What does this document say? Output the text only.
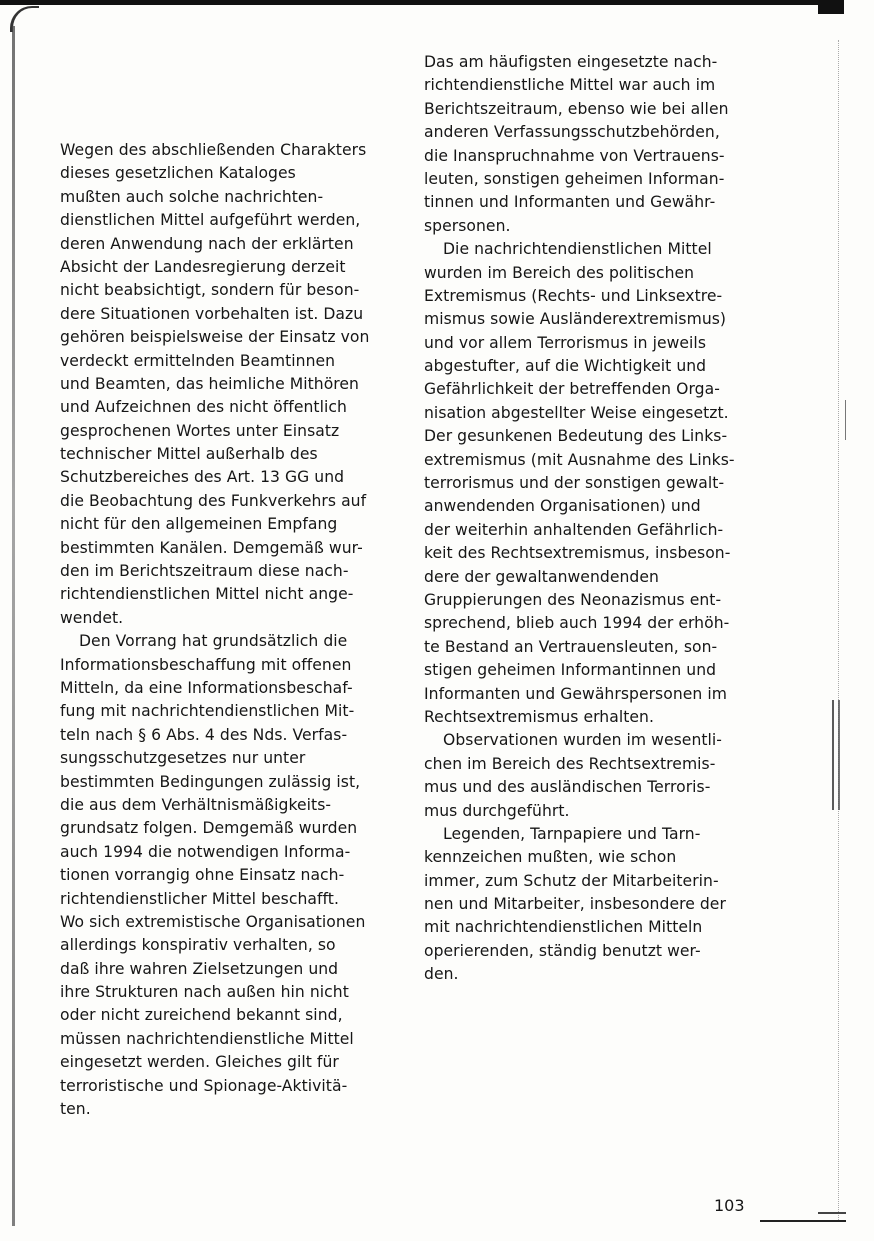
Wegen des abschließenden Charakters
dieses gesetzlichen Kataloges
mußten auch solche nachrichten-
dienstlichen Mittel aufgeführt werden,
deren Anwendung nach der erklärten
Absicht der Landesregierung derzeit
nicht beabsichtigt, sondern für beson-
dere Situationen vorbehalten ist. Dazu
gehören beispielsweise der Einsatz von
verdeckt ermittelnden Beamtinnen
und Beamten, das heimliche Mithören
und Aufzeichnen des nicht öffentlich
gesprochenen Wortes unter Einsatz
technischer Mittel außerhalb des
Schutzbereiches des Art. 13 GG und
die Beobachtung des Funkverkehrs auf
nicht für den allgemeinen Empfang
bestimmten Kanälen. Demgemäß wur-
den im Berichtszeitraum diese nach-
richtendienstlichen Mittel nicht ange-
wendet.
Den Vorrang hat grundsätzlich die
Informationsbeschaffung mit offenen
Mitteln, da eine Informationsbeschaf-
fung mit nachrichtendienstlichen Mit-
teln nach § 6 Abs. 4 des Nds. Verfas-
sungsschutzgesetzes nur unter
bestimmten Bedingungen zulässig ist,
die aus dem Verhältnismäßigkeits-
grundsatz folgen. Demgemäß wurden
auch 1994 die notwendigen Informa-
tionen vorrangig ohne Einsatz nach-
richtendienstlicher Mittel beschafft.
Wo sich extremistische Organisationen
allerdings konspirativ verhalten, so
daß ihre wahren Zielsetzungen und
ihre Strukturen nach außen hin nicht
oder nicht zureichend bekannt sind,
müssen nachrichtendienstliche Mittel
eingesetzt werden. Gleiches gilt für
terroristische und Spionage-Aktivitä-
ten.
Das am häufigsten eingesetzte nach-
richtendienstliche Mittel war auch im
Berichtszeitraum, ebenso wie bei allen
anderen Verfassungsschutzbehörden,
die Inanspruchnahme von Vertrauens-
leuten, sonstigen geheimen Informan-
tinnen und Informanten und Gewähr-
spersonen.
Die nachrichtendienstlichen Mittel
wurden im Bereich des politischen
Extremismus (Rechts- und Linksextre-
mismus sowie Ausländerextremismus)
und vor allem Terrorismus in jeweils
abgestufter, auf die Wichtigkeit und
Gefährlichkeit der betreffenden Orga-
nisation abgestellter Weise eingesetzt.
Der gesunkenen Bedeutung des Links-
extremismus (mit Ausnahme des Links-
terrorismus und der sonstigen gewalt-
anwendenden Organisationen) und
der weiterhin anhaltenden Gefährlich-
keit des Rechtsextremismus, insbeson-
dere der gewaltanwendenden
Gruppierungen des Neonazismus ent-
sprechend, blieb auch 1994 der erhöh-
te Bestand an Vertrauensleuten, son-
stigen geheimen Informantinnen und
Informanten und Gewährspersonen im
Rechtsextremismus erhalten.
Observationen wurden im wesentli-
chen im Bereich des Rechtsextremis-
mus und des ausländischen Terroris-
mus durchgeführt.
Legenden, Tarnpapiere und Tarn-
kennzeichen mußten, wie schon
immer, zum Schutz der Mitarbeiterin-
nen und Mitarbeiter, insbesondere der
mit nachrichtendienstlichen Mitteln
operierenden, ständig benutzt wer-
den.
103
